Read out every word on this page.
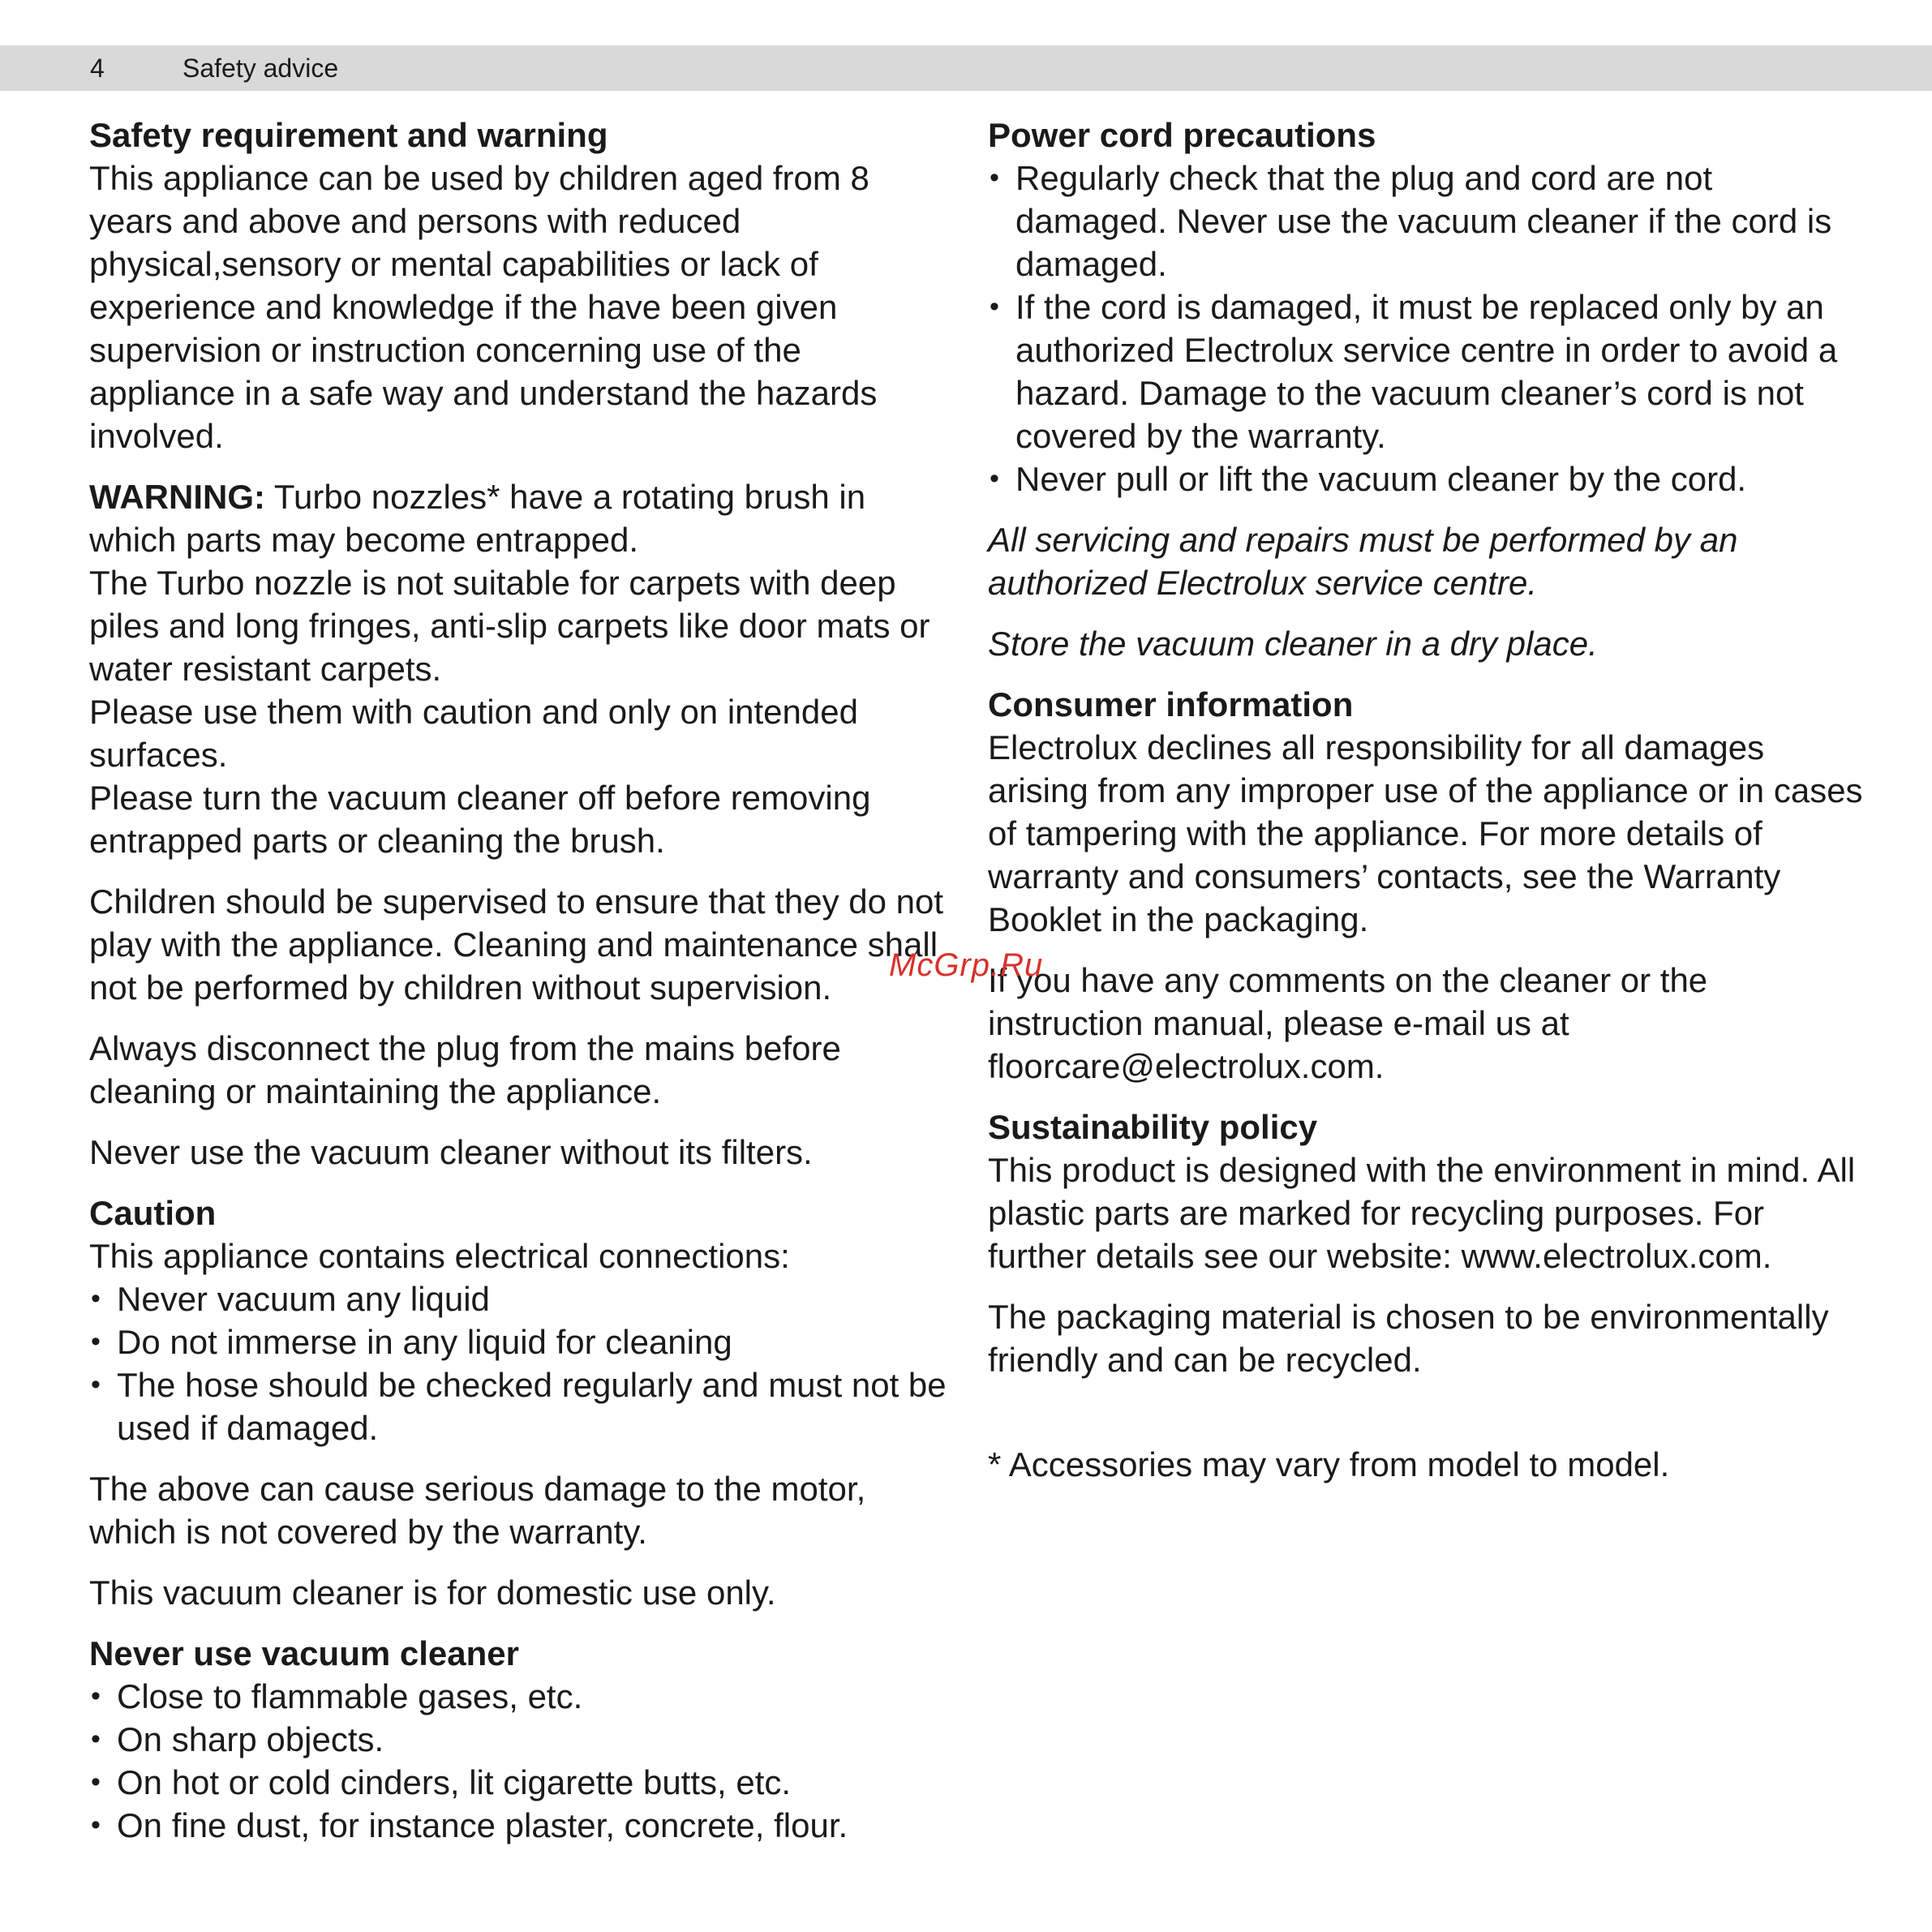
4	Safety advice

Safety requirement and warning

This appliance can be used by children aged from 8 years and above and persons with reduced physical,sensory or mental capabilities or lack of experience and knowledge if the have been given supervision or instruction concerning use of the appliance in a safe way and understand the hazards involved.

WARNING: Turbo nozzles* have a rotating brush in which parts may become entrapped.

The Turbo nozzle is not suitable for carpets with deep piles and long fringes, anti-slip carpets like door mats or water resistant carpets.

Please use them with caution and only on intended surfaces.

Please turn the vacuum cleaner off before removing entrapped parts or cleaning the brush.

Children should be supervised to ensure that they do not play with the appliance. Cleaning and maintenance shall not be performed by children without supervision.

Always disconnect the plug from the mains before cleaning or maintaining the appliance.

Never use the vacuum cleaner without its filters.

Caution

This appliance contains electrical connections:

• Never vacuum any liquid
• Do not immerse in any liquid for cleaning
• The hose should be checked regularly and must not be used if damaged.

The above can cause serious damage to the motor, which is not covered by the warranty.

This vacuum cleaner is for domestic use only.

Never use vacuum cleaner

• Close to flammable gases, etc.
• On sharp objects.
• On hot or cold cinders, lit cigarette butts, etc.
• On fine dust, for instance plaster, concrete, flour.

Power cord precautions

• Regularly check that the plug and cord are not damaged. Never use the vacuum cleaner if the cord is damaged.
• If the cord is damaged, it must be replaced only by an authorized Electrolux service centre in order to avoid a hazard. Damage to the vacuum cleaner’s cord is not covered by the warranty.
• Never pull or lift the vacuum cleaner by the cord.

All servicing and repairs must be performed by an authorized Electrolux service centre.

Store the vacuum cleaner in a dry place.

Consumer information

Electrolux declines all responsibility for all damages arising from any improper use of the appliance or in cases of tampering with the appliance. For more details of warranty and consumers’ contacts, see the Warranty Booklet in the packaging.

If you have any comments on the cleaner or the instruction manual, please e-mail us at floorcare@electrolux.com.

Sustainability policy

This product is designed with the environment in mind. All plastic parts are marked for recycling purposes. For further details see our website: www.electrolux.com.

The packaging material is chosen to be environmentally friendly and can be recycled.

* Accessories may vary from model to model.

McGrp.Ru
